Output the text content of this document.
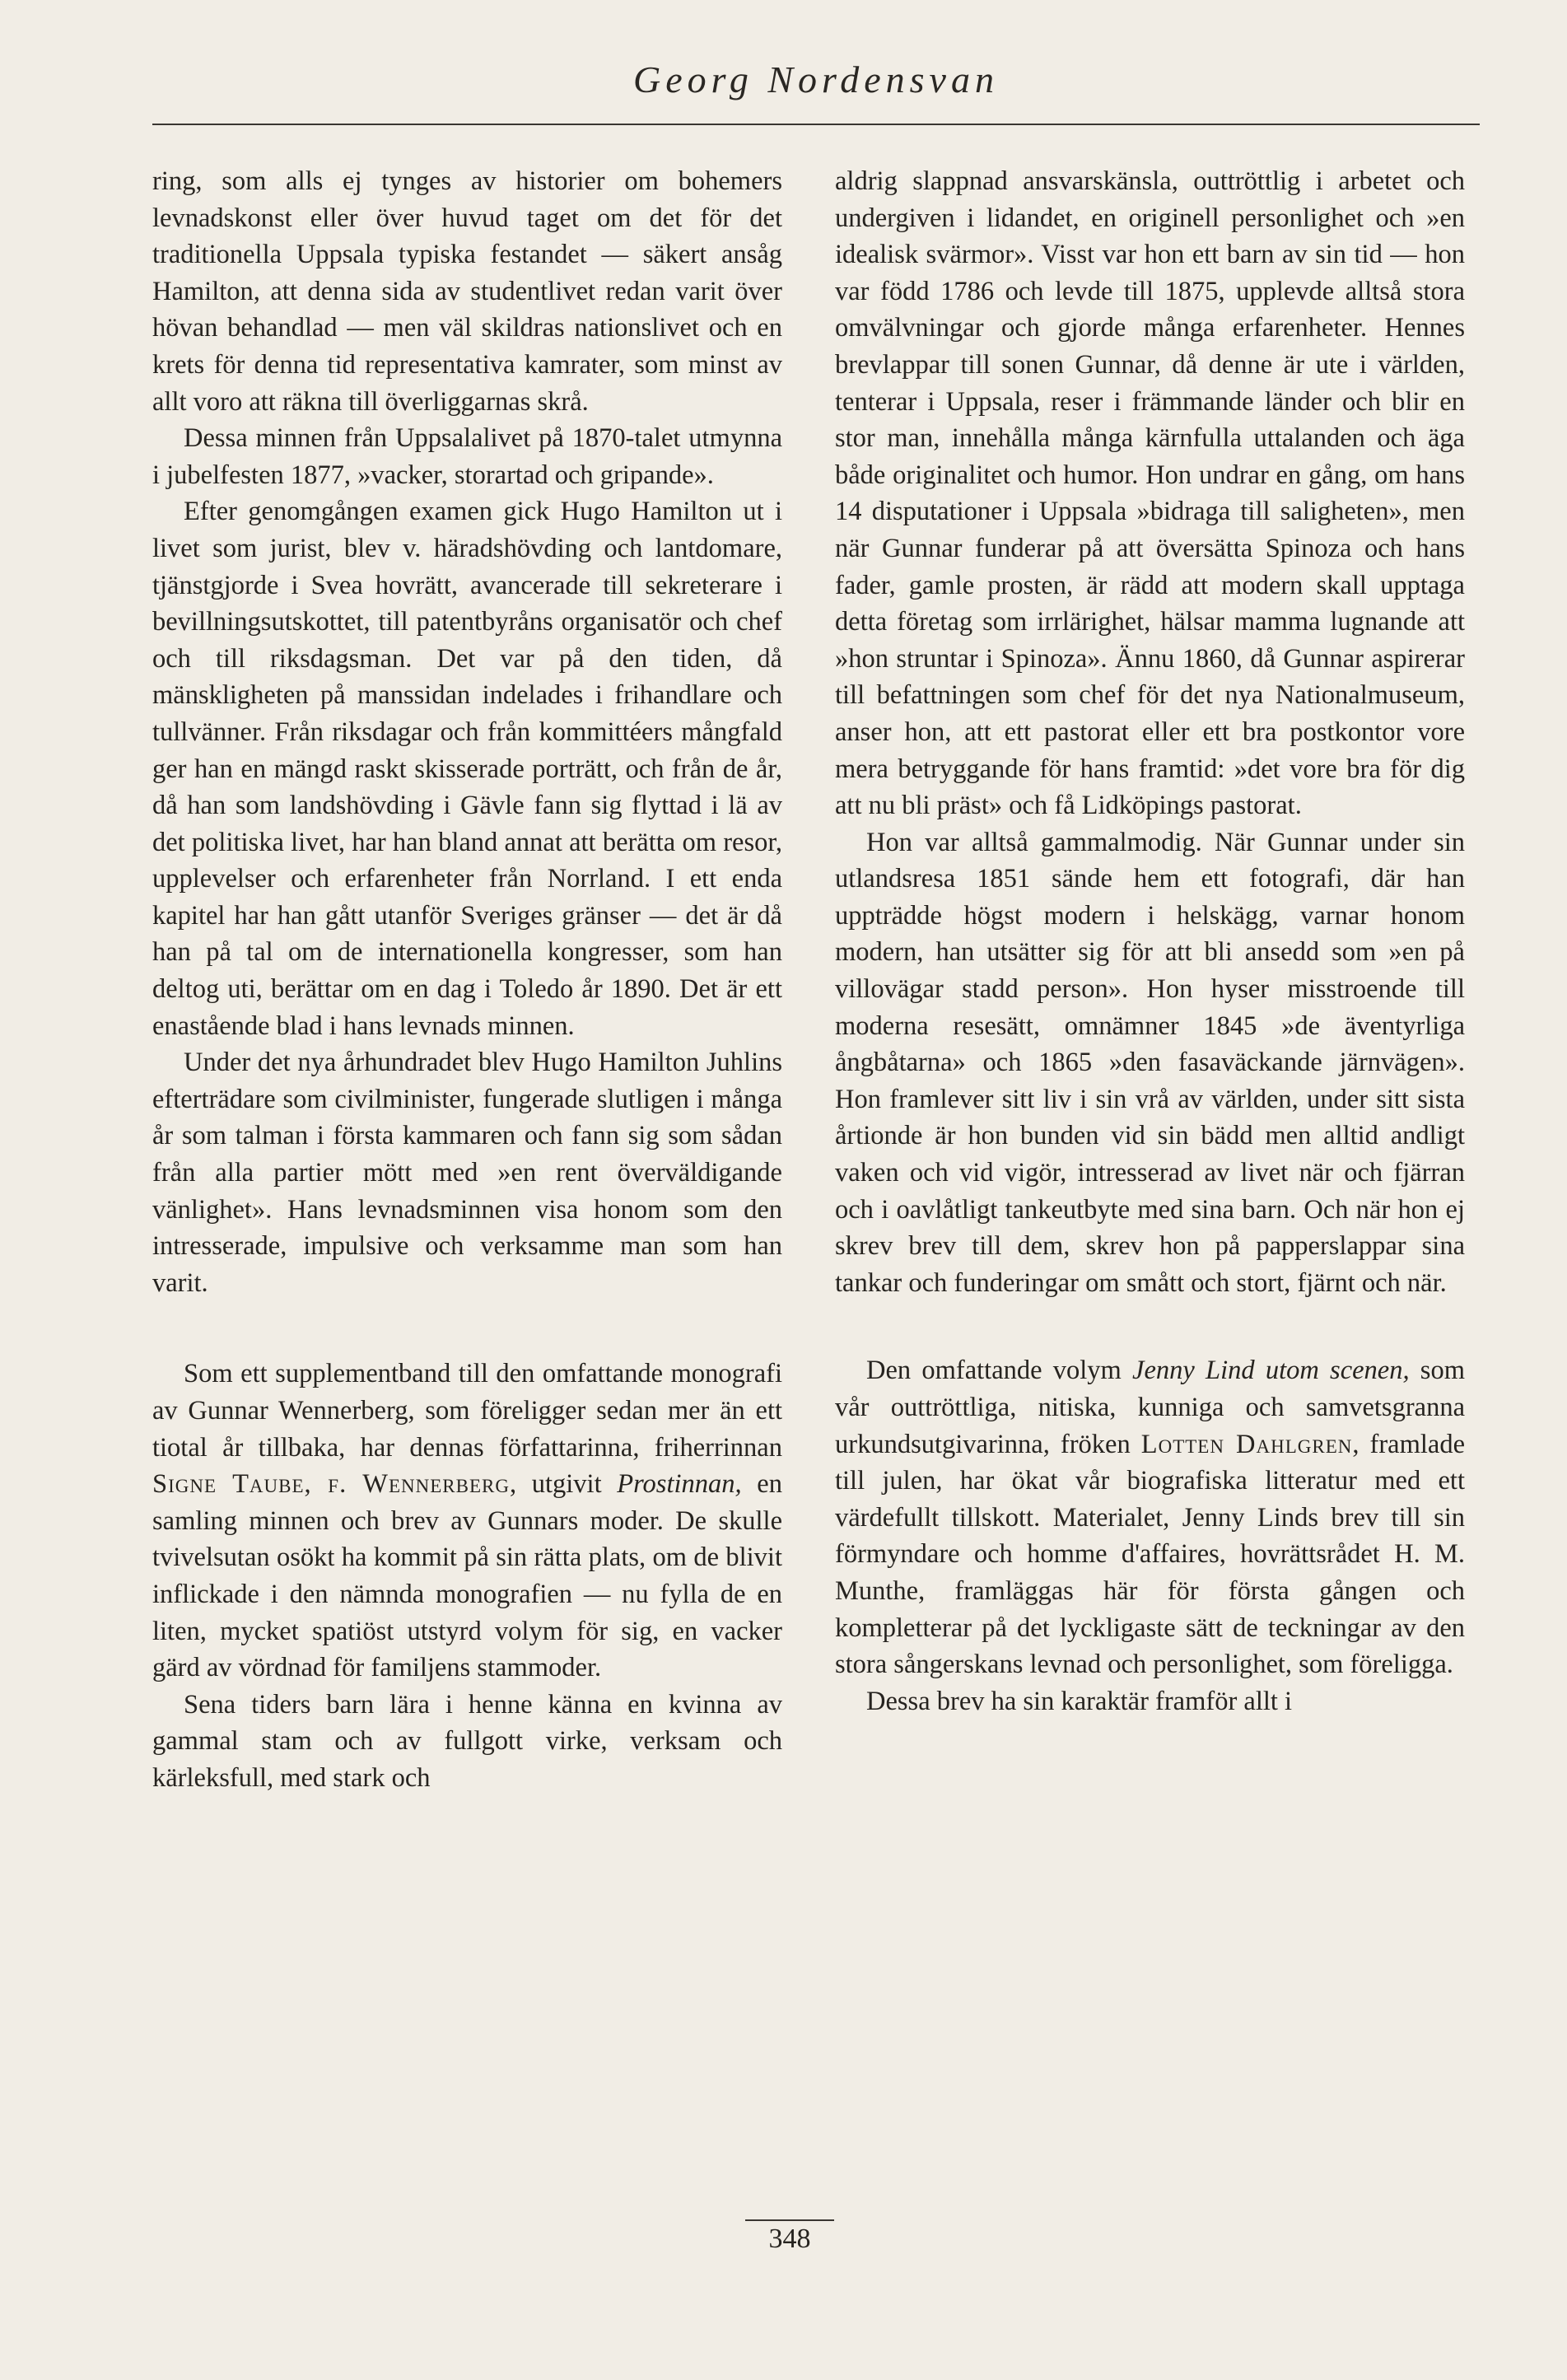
Georg Nordensvan

ring, som alls ej tynges av historier om bohemers levnadskonst eller över huvud taget om det för det traditionella Uppsala typiska festandet — säkert ansåg Hamilton, att denna sida av studentlivet redan varit över hövan behandlad — men väl skildras nationslivet och en krets för denna tid representativa kamrater, som minst av allt voro att räkna till överliggarnas skrå.

Dessa minnen från Uppsalalivet på 1870-talet utmynna i jubelfesten 1877, »vacker, storartad och gripande».

Efter genomgången examen gick Hugo Hamilton ut i livet som jurist, blev v. häradshövding och lantdomare, tjänstgjorde i Svea hovrätt, avancerade till sekreterare i bevillningsutskottet, till patentbyråns organisatör och chef och till riksdagsman. Det var på den tiden, då mänskligheten på manssidan indelades i frihandlare och tullvänner. Från riksdagar och från kommittéers mångfald ger han en mängd raskt skisserade porträtt, och från de år, då han som landshövding i Gävle fann sig flyttad i lä av det politiska livet, har han bland annat att berätta om resor, upplevelser och erfarenheter från Norrland. I ett enda kapitel har han gått utanför Sveriges gränser — det är då han på tal om de internationella kongresser, som han deltog uti, berättar om en dag i Toledo år 1890. Det är ett enastående blad i hans levnads minnen.

Under det nya århundradet blev Hugo Hamilton Juhlins efterträdare som civilminister, fungerade slutligen i många år som talman i första kammaren och fann sig som sådan från alla partier mött med »en rent överväldigande vänlighet». Hans levnadsminnen visa honom som den intresserade, impulsive och verksamme man som han varit.

Som ett supplementband till den omfattande monografi av Gunnar Wennerberg, som föreligger sedan mer än ett tiotal år tillbaka, har dennas författarinna, friherrinnan Signe Taube, f. Wennerberg, utgivit Prostinnan, en samling minnen och brev av Gunnars moder. De skulle tvivelsutan osökt ha kommit på sin rätta plats, om de blivit inflickade i den nämnda monografien — nu fylla de en liten, mycket spatiöst utstyrd volym för sig, en vacker gärd av vördnad för familjens stammoder.

Sena tiders barn lära i henne känna en kvinna av gammal stam och av fullgott virke, verksam och kärleksfull, med stark och

aldrig slappnad ansvarskänsla, outtröttlig i arbetet och undergiven i lidandet, en originell personlighet och »en idealisk svärmor». Visst var hon ett barn av sin tid — hon var född 1786 och levde till 1875, upplevde alltså stora omvälvningar och gjorde många erfarenheter. Hennes brevlappar till sonen Gunnar, då denne är ute i världen, tenterar i Uppsala, reser i främmande länder och blir en stor man, innehålla många kärnfulla uttalanden och äga både originalitet och humor. Hon undrar en gång, om hans 14 disputationer i Uppsala »bidraga till saligheten», men när Gunnar funderar på att översätta Spinoza och hans fader, gamle prosten, är rädd att modern skall upptaga detta företag som irrlärighet, hälsar mamma lugnande att »hon struntar i Spinoza». Ännu 1860, då Gunnar aspirerar till befattningen som chef för det nya Nationalmuseum, anser hon, att ett pastorat eller ett bra postkontor vore mera betryggande för hans framtid: »det vore bra för dig att nu bli präst» och få Lidköpings pastorat.

Hon var alltså gammalmodig. När Gunnar under sin utlandsresa 1851 sände hem ett fotografi, där han uppträdde högst modern i helskägg, varnar honom modern, han utsätter sig för att bli ansedd som »en på villovägar stadd person». Hon hyser misstroende till moderna resesätt, omnämner 1845 »de äventyrliga ångbåtarna» och 1865 »den fasaväckande järnvägen». Hon framlever sitt liv i sin vrå av världen, under sitt sista årtionde är hon bunden vid sin bädd men alltid andligt vaken och vid vigör, intresserad av livet när och fjärran och i oavlåtligt tankeutbyte med sina barn. Och när hon ej skrev brev till dem, skrev hon på papperslappar sina tankar och funderingar om smått och stort, fjärnt och när.

Den omfattande volym Jenny Lind utom scenen, som vår outtröttliga, nitiska, kunniga och samvetsgranna urkundsutgivarinna, fröken Lotten Dahlgren, framlade till julen, har ökat vår biografiska litteratur med ett värdefullt tillskott. Materialet, Jenny Linds brev till sin förmyndare och homme d'affaires, hovrättsrådet H. M. Munthe, framläggas här för första gången och kompletterar på det lyckligaste sätt de teckningar av den stora sångerskans levnad och personlighet, som föreligga.

Dessa brev ha sin karaktär framför allt i

348
